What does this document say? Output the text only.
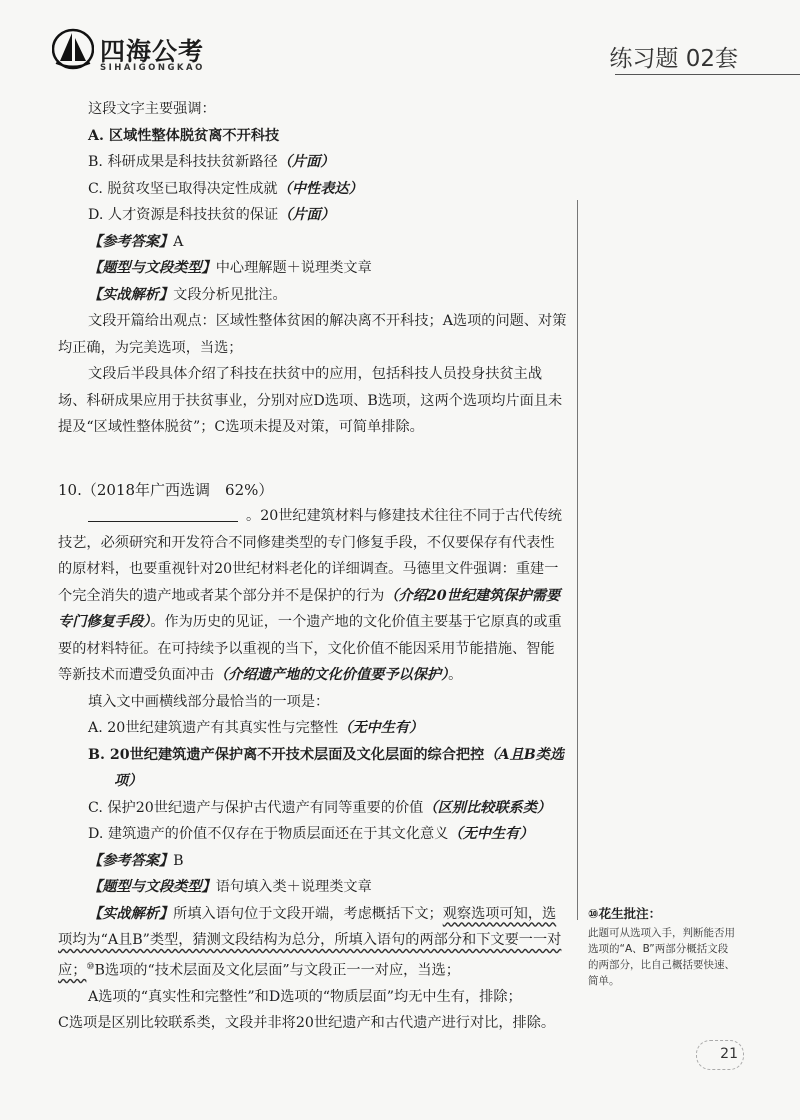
四海公考
SIHAIGONGKAO	练习题 02套

这段文字主要强调：

A. 区域性整体脱贫离不开科技

B. 科研成果是科技扶贫新路径（片面）

C. 脱贫攻坚已取得决定性成就（中性表达）

D. 人才资源是科技扶贫的保证（片面）

【参考答案】A

【题型与文段类型】中心理解题＋说理类文章

【实战解析】文段分析见批注。

文段开篇给出观点：区域性整体贫困的解决离不开科技；A选项的问题、对策均正确，为完美选项，当选；

文段后半段具体介绍了科技在扶贫中的应用，包括科技人员投身扶贫主战场、科研成果应用于扶贫事业，分别对应D选项、B选项，这两个选项均片面且未提及“区域性整体脱贫”；C选项未提及对策，可简单排除。

10.（2018年广西选调　62%）

。20世纪建筑材料与修建技术往往不同于古代传统技艺，必须研究和开发符合不同修建类型的专门修复手段，不仅要保存有代表性的原材料，也要重视针对20世纪材料老化的详细调查。马德里文件强调：重建一个完全消失的遗产地或者某个部分并不是保护的行为（介绍20世纪建筑保护需要专门修复手段）。作为历史的见证，一个遗产地的文化价值主要基于它原真的或重要的材料特征。在可持续予以重视的当下，文化价值不能因采用节能措施、智能等新技术而遭受负面冲击（介绍遗产地的文化价值要予以保护）。

填入文中画横线部分最恰当的一项是：

A. 20世纪建筑遗产有其真实性与完整性（无中生有）

B. 20世纪建筑遗产保护离不开技术层面及文化层面的综合把控（A且B类选项）

C. 保护20世纪遗产与保护古代遗产有同等重要的价值（区别比较联系类）

D. 建筑遗产的价值不仅存在于物质层面还在于其文化意义（无中生有）

【参考答案】B

【题型与文段类型】语句填入类＋说理类文章

【实战解析】所填入语句位于文段开端，考虑概括下文；观察选项可知，选项均为“A且B”类型，猜测文段结构为总分，所填入语句的两部分和下文要一一对应；⑩B选项的“技术层面及文化层面”与文段正一一对应，当选；

A选项的“真实性和完整性”和D选项的“物质层面”均无中生有，排除；

C选项是区别比较联系类，文段并非将20世纪遗产和古代遗产进行对比，排除。

⑩花生批注：
此题可从选项入手，判断能否用选项的“A、B”两部分概括文段的两部分，比自己概括要快速、简单。
21
